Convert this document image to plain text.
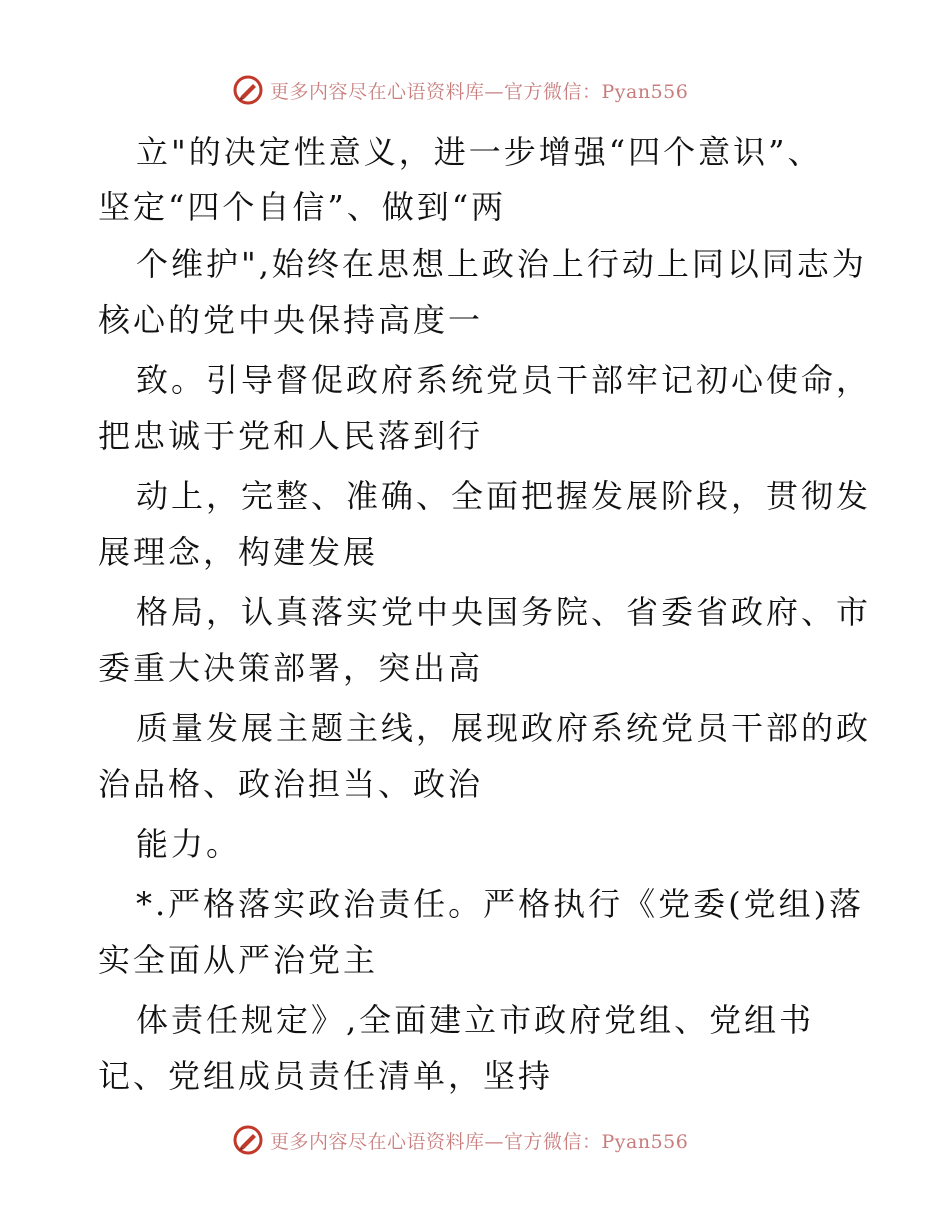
更多内容尽在心语资料库—官方微信：Pyan556
立"的决定性意义，进一步增强“四个意识”、
坚定“四个自信”、做到“两
个维护",始终在思想上政治上行动上同以同志为
核心的党中央保持高度一
致。引导督促政府系统党员干部牢记初心使命，
把忠诚于党和人民落到行
动上，完整、准确、全面把握发展阶段，贯彻发
展理念，构建发展
格局，认真落实党中央国务院、省委省政府、市
委重大决策部署，突出高
质量发展主题主线，展现政府系统党员干部的政
治品格、政治担当、政治
能力。
*.严格落实政治责任。严格执行《党委(党组)落
实全面从严治党主
体责任规定》,全面建立市政府党组、党组书
记、党组成员责任清单，坚持
更多内容尽在心语资料库—官方微信：Pyan556
